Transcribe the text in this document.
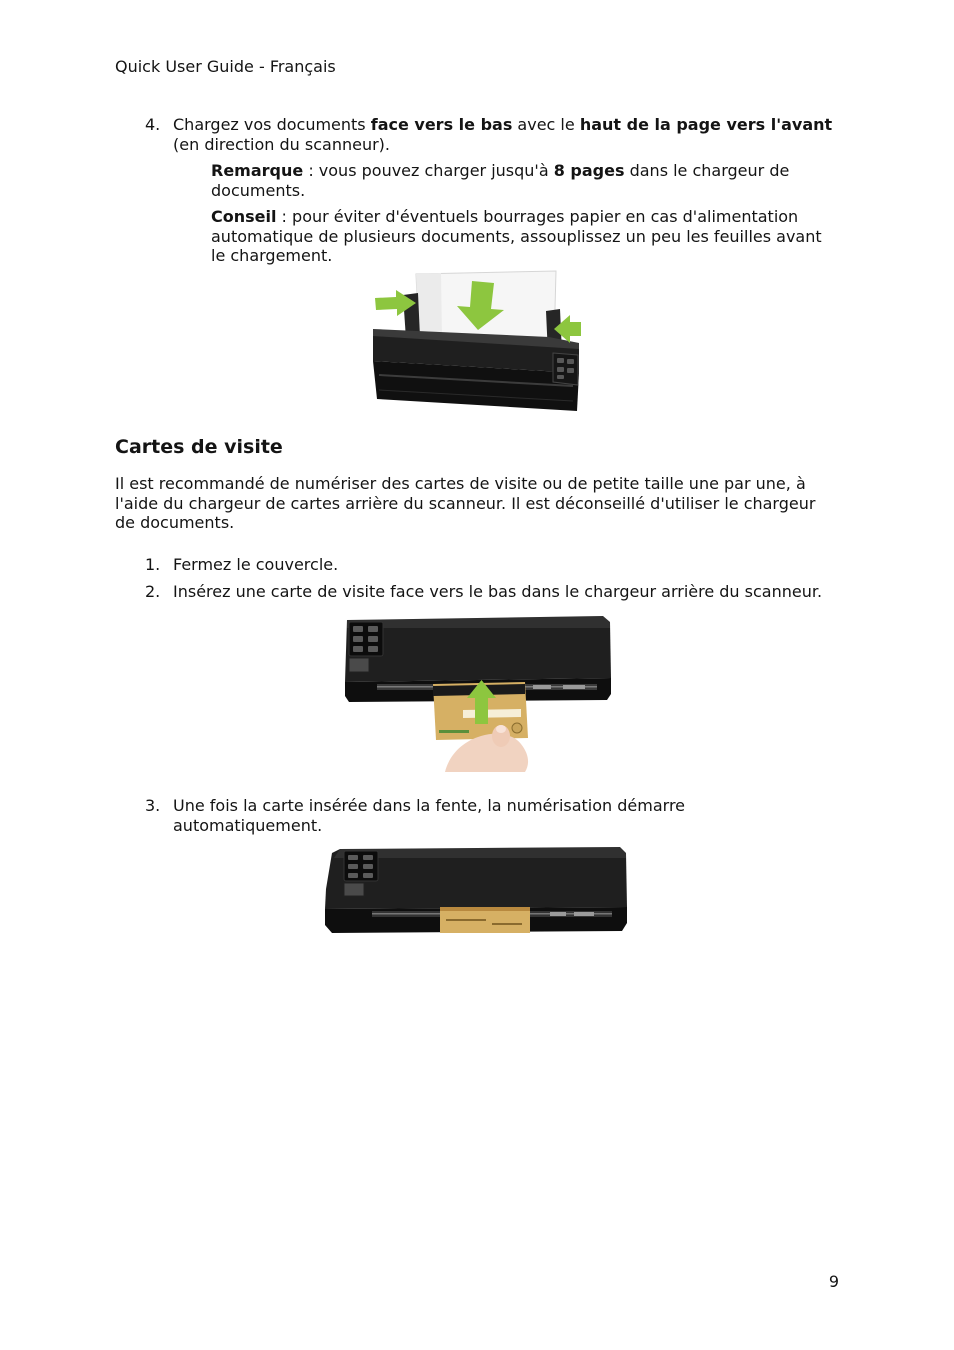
Quick User Guide - Français
4. Chargez vos documents face vers le bas avec le haut de la page vers l'avant
(en direction du scanneur).
Remarque : vous pouvez charger jusqu'à 8 pages dans le chargeur de
documents.
Conseil : pour éviter d'éventuels bourrages papier en cas d'alimentation
automatique de plusieurs documents, assouplissez un peu les feuilles avant
le chargement.
Cartes de visite
Il est recommandé de numériser des cartes de visite ou de petite taille une par une, à
l'aide du chargeur de cartes arrière du scanneur. Il est déconseillé d'utiliser le chargeur
de documents.
1. Fermez le couvercle.
2. Insérez une carte de visite face vers le bas dans le chargeur arrière du scanneur.
3. Une fois la carte insérée dans la fente, la numérisation démarre
automatiquement.
9
